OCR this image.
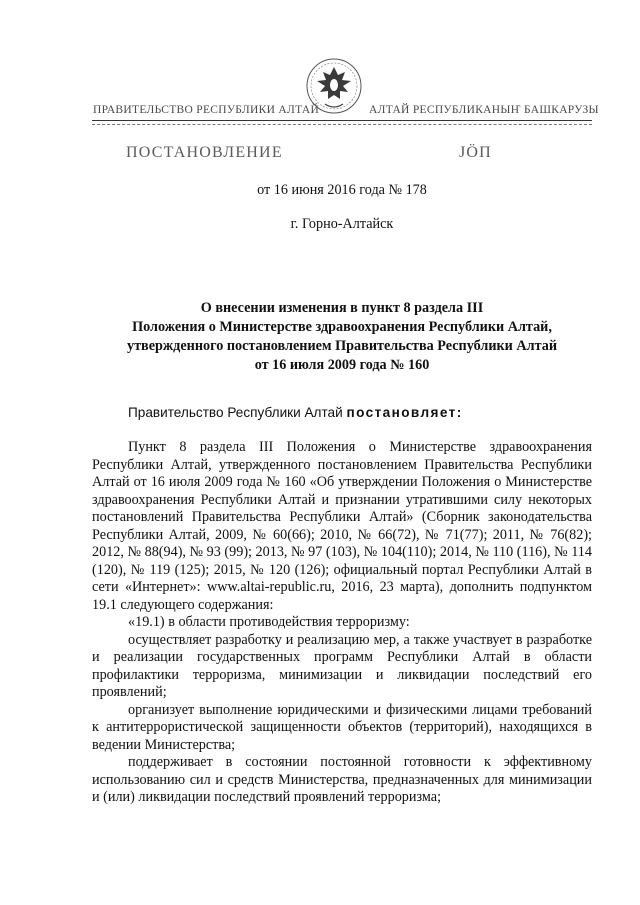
ПРАВИТЕЛЬСТВО РЕСПУБЛИКИ АЛТАЙ	АЛТАЙ РЕСПУБЛИКАНЫҤ БАШКАРУЗЫ
ПОСТАНОВЛЕНИЕ	JÖП
от 16 июня 2016 года № 178
г. Горно-Алтайск
О внесении изменения в пункт 8 раздела III
Положения о Министерстве здравоохранения Республики Алтай,
утвержденного постановлением Правительства Республики Алтай
от 16 июля 2009 года № 160
Правительство Республики Алтай постановляет:

Пункт 8 раздела III Положения о Министерстве здравоохранения Республики Алтай, утвержденного постановлением Правительства Республики Алтай от 16 июля 2009 года № 160 «Об утверждении Положения о Министерстве здравоохранения Республики Алтай и признании утратившими силу некоторых постановлений Правительства Республики Алтай» (Сборник законодательства Республики Алтай, 2009, № 60(66); 2010, № 66(72), № 71(77); 2011, № 76(82); 2012, № 88(94), № 93 (99); 2013, № 97 (103), № 104(110); 2014, № 110 (116), № 114 (120), № 119 (125); 2015, № 120 (126); официальный портал Республики Алтай в сети «Интернет»: www.altai-republic.ru, 2016, 23 марта), дополнить подпунктом 19.1 следующего содержания:

«19.1) в области противодействия терроризму:

осуществляет разработку и реализацию мер, а также участвует в разработке и реализации государственных программ Республики Алтай в области профилактики терроризма, минимизации и ликвидации последствий его проявлений;

организует выполнение юридическими и физическими лицами требований к антитеррористической защищенности объектов (территорий), находящихся в ведении Министерства;

поддерживает в состоянии постоянной готовности к эффективному использованию сил и средств Министерства, предназначенных для минимизации и (или) ликвидации последствий проявлений терроризма;
